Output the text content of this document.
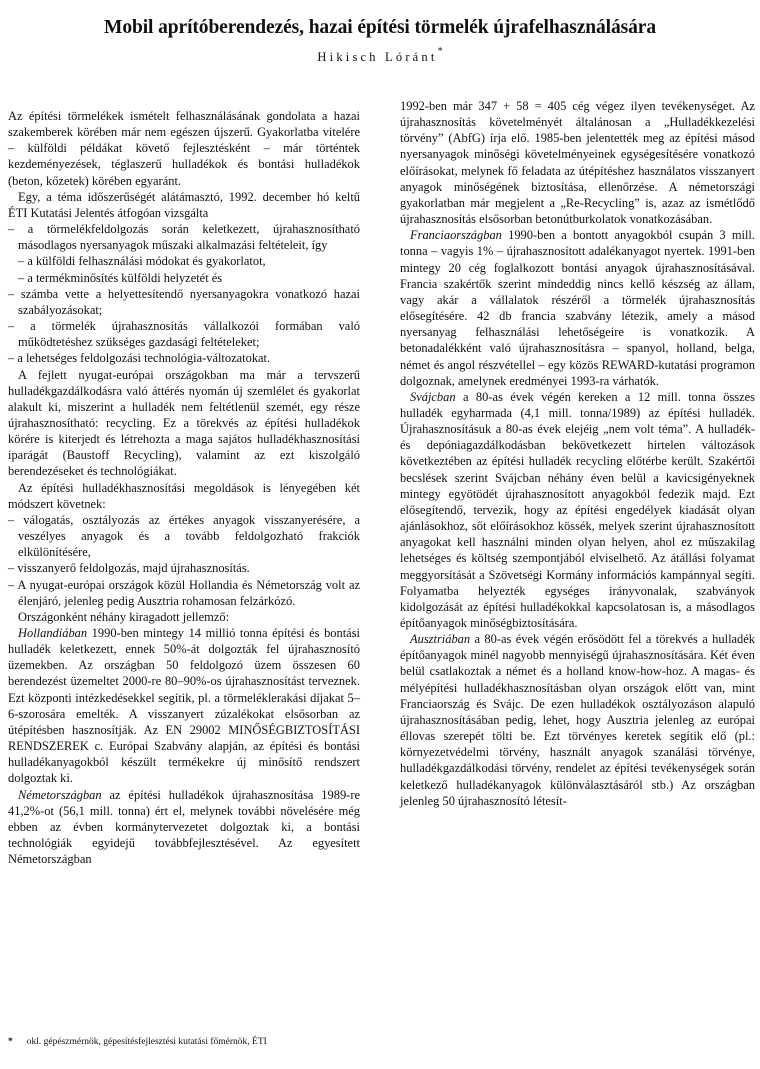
Mobil aprítóberendezés, hazai építési törmelék újrafelhasználására
Hikisch Lóránt*

Az építési törmelékek ismételt felhasználásának gondolata a hazai szakemberek körében már nem egészen újszerű. Gyakorlatba vitelére – külföldi példákat követő fejlesztésként – már történtek kezdeményezések, téglaszerű hulladékok és bontási hulladékok (beton, kőzetek) körében egyaránt.

Egy, a téma időszerűségét alátámasztó, 1992. december hó keltű ÉTI Kutatási Jelentés átfogóan vizsgálta

– a törmelékfeldolgozás során keletkezett, újrahasznosítható másodlagos nyersanyagok műszaki alkalmazási feltételeit, így

– a külföldi felhasználási módokat és gyakorlatot,

– a termékminősítés külföldi helyzetét és

– számba vette a helyettesítendő nyersanyagokra vonatkozó hazai szabályozásokat;

– a törmelék újrahasznosítás vállalkozói formában való működtetéshez szükséges gazdasági feltételeket;

– a lehetséges feldolgozási technológia-változatokat.

A fejlett nyugat-európai országokban ma már a tervszerű hulladékgazdálkodásra való áttérés nyomán új szemlélet és gyakorlat alakult ki, miszerint a hulladék nem feltétlenül szemét, egy része újrahasznosítható: recycling. Ez a törekvés az építési hulladékok körére is kiterjedt és létrehozta a maga sajátos hulladékhasznosítási iparágát (Baustoff Recycling), valamint az ezt kiszolgáló berendezéseket és technológiákat.

Az építési hulladékhasznosítási megoldások is lényegében két módszert követnek:

– válogatás, osztályozás az értékes anyagok visszanyerésére, a veszélyes anyagok és a tovább feldolgozható frakciók elkülönítésére,

– visszanyerő feldolgozás, majd újrahasznosítás.

– A nyugat-európai országok közül Hollandia és Németország volt az élenjáró, jelenleg pedig Ausztria rohamosan felzárkózó.

Országonként néhány kiragadott jellemző:

Hollandiában 1990-ben mintegy 14 millió tonna építési és bontási hulladék keletkezett, ennek 50%-át dolgozták fel újrahasznosító üzemekben. Az országban 50 feldolgozó üzem összesen 60 berendezést üzemeltet 2000-re 80–90%-os újrahasznosítást terveznek. Ezt központi intézkedésekkel segítik, pl. a törmeléklerakási díjakat 5–6-szorosára emelték. A visszanyert zúzalékokat elsősorban az útépítésben hasznosítják. Az EN 29002 MINŐSÉGBIZTOSÍTÁSI RENDSZEREK c. Európai Szabvány alapján, az építési és bontási hulladékanyagokból készült termékekre új minősítő rendszert dolgoztak ki.

Németországban az építési hulladékok újrahasznosítása 1989-re 41,2%-ot (56,1 mill. tonna) ért el, melynek további növelésére még ebben az évben kormánytervezetet dolgoztak ki, a bontási technológiák egyidejű továbbfejlesztésével. Az egyesített Németországban

1992-ben már 347 + 58 = 405 cég végez ilyen tevékenységet. Az újrahasznosítás követelményét általánosan a „Hulladékkezelési törvény” (AbfG) írja elő. 1985-ben jelentették meg az építési másod nyersanyagok minőségi követelményeinek egységesítésére vonatkozó előírásokat, melynek fő feladata az útépítéshez használatos visszanyert anyagok minőségének biztosítása, ellenőrzése. A németországi gyakorlatban már megjelent a „Re-Recycling” is, azaz az ismétlődő újrahasznosítás elsősorban betonútburkolatok vonatkozásában.

Franciaországban 1990-ben a bontott anyagokból csupán 3 mill. tonna – vagyis 1% – újrahasznosított adalékanyagot nyertek. 1991-ben mintegy 20 cég foglalkozott bontási anyagok újrahasznosításával. Francia szakértők szerint mindeddig nincs kellő készség az állam, vagy akár a vállalatok részéről a törmelék újrahasznosítás elősegítésére. 42 db francia szabvány létezik, amely a másod nyersanyag felhasználási lehetőségeire is vonatkozik. A betonadalékként való újrahasznosításra – spanyol, holland, belga, német és angol részvétellel – egy közös REWARD-kutatási programon dolgoznak, amelynek eredményei 1993-ra várhatók.

Svájcban a 80-as évek végén kereken a 12 mill. tonna összes hulladék egyharmada (4,1 mill. tonna/1989) az építési hulladék. Újrahasznosításuk a 80-as évek elejéig „nem volt téma”. A hulladék- és depóniagazdálkodásban bekövetkezett hirtelen változások következtében az építési hulladék recycling előtérbe került. Szakértői becslések szerint Svájcban néhány éven belül a kavicsigényeknek mintegy egyötödét újrahasznosított anyagokból fedezik majd. Ezt elősegítendő, tervezik, hogy az építési engedélyek kiadását olyan ajánlásokhoz, sőt előírásokhoz kössék, melyek szerint újrahasznosított anyagokat kell használni minden olyan helyen, ahol ez műszakilag lehetséges és költség szempontjából elviselhető. Az átállási folyamat meggyorsítását a Szövetségi Kormány információs kampánnyal segíti. Folyamatba helyezték egységes irányvonalak, szabványok kidolgozását az építési hulladékokkal kapcsolatosan is, a másodlagos építőanyagok minőségbiztosítására.

Ausztriában a 80-as évek végén erősödött fel a törekvés a hulladék építőanyagok minél nagyobb mennyiségű újrahasznosítására. Két éven belül csatlakoztak a német és a holland know-how-hoz. A magas- és mélyépítési hulladékhasznosításban olyan országok előtt van, mint Franciaország és Svájc. De ezen hulladékok osztályozáson alapuló újrahasznosításában pedig, lehet, hogy Ausztria jelenleg az európai éllovas szerepét tölti be. Ezt törvényes keretek segítik elő (pl.: környezetvédelmi törvény, használt anyagok szanálási törvénye, hulladékgazdálkodási törvény, rendelet az építési tevékenységek során keletkező hulladékanyagok különválasztásáról stb.) Az országban jelenleg 50 újrahasznosító létesít-

* okl. gépészmérnök, gépesítésfejlesztési kutatási főmérnök, ÉTI
